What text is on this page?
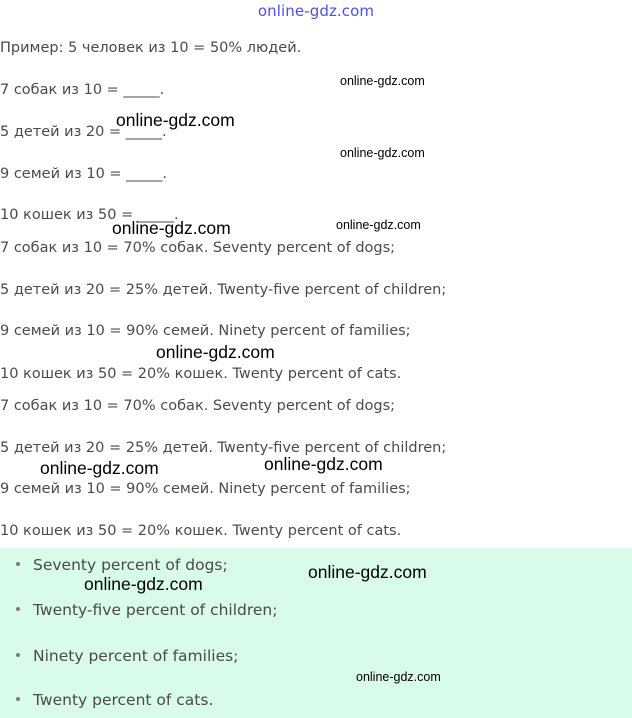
online-gdz.com
Пример: 5 человек из 10 = 50% людей.
7 собак из 10 = _____.
5 детей из 20 = _____.
9 семей из 10 = _____.
10 кошек из 50 = _____.
7 собак из 10 = 70% собак. Seventy percent of dogs;
5 детей из 20 = 25% детей. Twenty-five percent of children;
9 семей из 10 = 90% семей. Ninety percent of families;
10 кошек из 50 = 20% кошек. Twenty percent of cats.
7 собак из 10 = 70% собак. Seventy percent of dogs;
5 детей из 20 = 25% детей. Twenty-five percent of children;
9 семей из 10 = 90% семей. Ninety percent of families;
10 кошек из 50 = 20% кошек. Twenty percent of cats.
Seventy percent of dogs;
Twenty-five percent of children;
Ninety percent of families;
Twenty percent of cats.
online-gdz.com
online-gdz.com
online-gdz.com
online-gdz.com	online-gdz.com
online-gdz.com
online-gdz.com	online-gdz.com
online-gdz.com
online-gdz.com
online-gdz.com
